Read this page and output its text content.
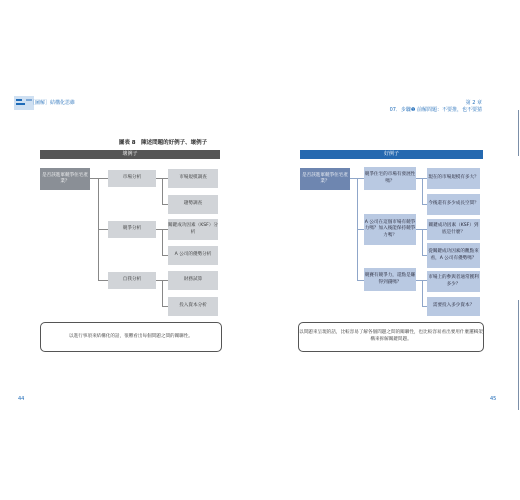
［圖解］結構化思維	第 2 章
07．步驟❶ 前解問題：不要推，也不要猜
圖表 8　陳述問題的好例子、壞例子
壞例子
是否該進軍競爭住宅產業？
市場分析
競爭分析
自我分析
市場規模調查
趨勢調查
關鍵成功因素（KSF）分析
A 公司的優勢分析
財務試算
投入資本分析
以進行事項來結構化的話，很難看出每個問題之間的關聯性。
好例子
是否該進軍競爭住宅產業？
競爭住宅的市場有發展性嗎？
A 公司在這個市場有競爭力嗎？加入後能保持競爭力嗎？
競賽有競爭力，還點是賺得到錢嗎？
現在的市場規模有多大？
今後還有多少成長空間？
關鍵成功因素（KSF）到底是什麼？
從關鍵成功因素的觀點來看，A 公司有優勢嗎？
市場上的參與者通常獲利多少？
需要投入多少資本？
以問題來呈現的話，比較容易了解各個問題之間的關聯性，也比較容易看出要用什麼邏輯架構來拆解關鍵問題。
44	45
